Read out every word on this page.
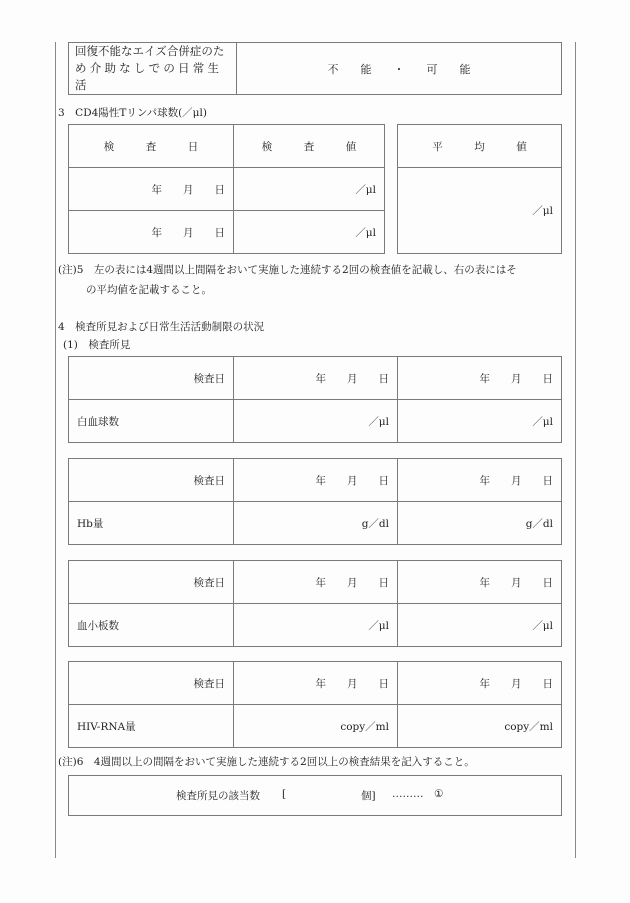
回復不能なエイズ合併症のた
め介助なしでの日常生活
	不　　能　　・　　可　　能
3　CD4陽性Tリンパ球数(／μl)
検　　　査　　　日	検　　　査　　　値
年　　月　　日	／μl
年　　月　　日	／μl
平　　　均　　　値
／μl
(注)5　左の表には4週間以上間隔をおいて実施した連続する2回の検査値を記載し、右の表にはそ
の平均値を記載すること。
4　検査所見および日常生活活動制限の状況
(1)　検査所見
検査日	年　　月　　日	年　　月　　日
白血球数	／μl	／μl
検査日	年　　月　　日	年　　月　　日
Hb量	g／dl	g／dl
検査日	年　　月　　日	年　　月　　日
血小板数	／μl	／μl
検査日	年　　月　　日	年　　月　　日
HIV-RNA量	copy／ml	copy／ml
(注)6　4週間以上の間隔をおいて実施した連続する2回以上の検査結果を記入すること。
検査所見の該当数 [	個] ……… ①
